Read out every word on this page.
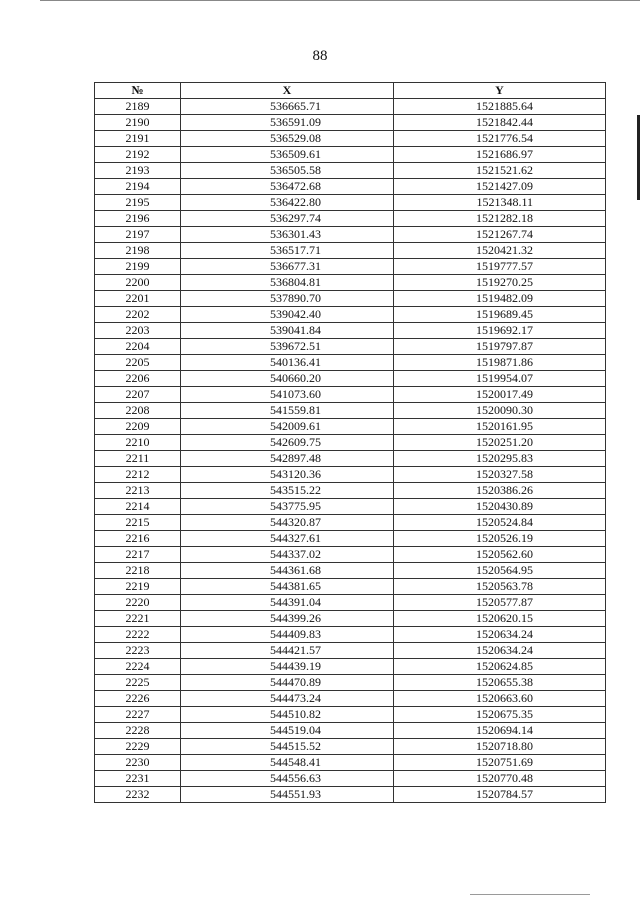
88
№	X	Y
2189	536665.71	1521885.64
2190	536591.09	1521842.44
2191	536529.08	1521776.54
2192	536509.61	1521686.97
2193	536505.58	1521521.62
2194	536472.68	1521427.09
2195	536422.80	1521348.11
2196	536297.74	1521282.18
2197	536301.43	1521267.74
2198	536517.71	1520421.32
2199	536677.31	1519777.57
2200	536804.81	1519270.25
2201	537890.70	1519482.09
2202	539042.40	1519689.45
2203	539041.84	1519692.17
2204	539672.51	1519797.87
2205	540136.41	1519871.86
2206	540660.20	1519954.07
2207	541073.60	1520017.49
2208	541559.81	1520090.30
2209	542009.61	1520161.95
2210	542609.75	1520251.20
2211	542897.48	1520295.83
2212	543120.36	1520327.58
2213	543515.22	1520386.26
2214	543775.95	1520430.89
2215	544320.87	1520524.84
2216	544327.61	1520526.19
2217	544337.02	1520562.60
2218	544361.68	1520564.95
2219	544381.65	1520563.78
2220	544391.04	1520577.87
2221	544399.26	1520620.15
2222	544409.83	1520634.24
2223	544421.57	1520634.24
2224	544439.19	1520624.85
2225	544470.89	1520655.38
2226	544473.24	1520663.60
2227	544510.82	1520675.35
2228	544519.04	1520694.14
2229	544515.52	1520718.80
2230	544548.41	1520751.69
2231	544556.63	1520770.48
2232	544551.93	1520784.57
